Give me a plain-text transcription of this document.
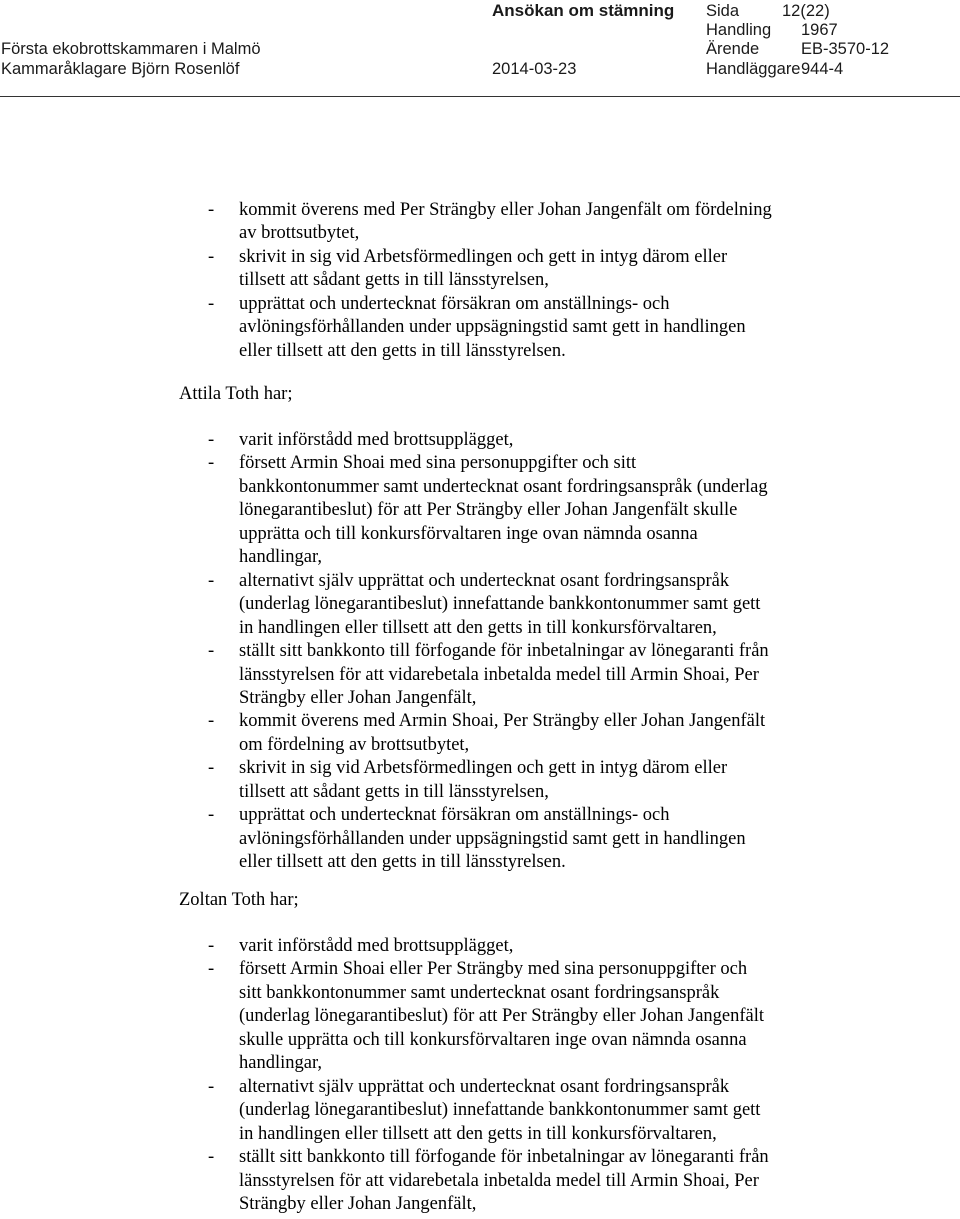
Ansökan om stämning Sida	12(22)
Handling 1967
Första ekobrottskammaren i Malmö	Ärende	EB-3570-12
Kammaråklagare Björn Rosenlöf	2014-03-23	Handläggare 944-4
- kommit överens med Per Strängby eller Johan Jangenfält om fördelning
av brottsutbytet,
- skrivit in sig vid Arbetsförmedlingen och gett in intyg därom eller
tillsett att sådant getts in till länsstyrelsen,
- upprättat och undertecknat försäkran om anställnings- och
avlöningsförhållanden under uppsägningstid samt gett in handlingen
eller tillsett att den getts in till länsstyrelsen.
Attila Toth har;
- varit införstådd med brottsupplägget,
- försett Armin Shoai med sina personuppgifter och sitt
bankkontonummer samt undertecknat osant fordringsanspråk (underlag
lönegarantibeslut) för att Per Strängby eller Johan Jangenfält skulle
upprätta och till konkursförvaltaren inge ovan nämnda osanna
handlingar,
- alternativt själv upprättat och undertecknat osant fordringsanspråk
(underlag lönegarantibeslut) innefattande bankkontonummer samt gett
in handlingen eller tillsett att den getts in till konkursförvaltaren,
- ställt sitt bankkonto till förfogande för inbetalningar av lönegaranti från
länsstyrelsen för att vidarebetala inbetalda medel till Armin Shoai, Per
Strängby eller Johan Jangenfält,
- kommit överens med Armin Shoai, Per Strängby eller Johan Jangenfält
om fördelning av brottsutbytet,
- skrivit in sig vid Arbetsförmedlingen och gett in intyg därom eller
tillsett att sådant getts in till länsstyrelsen,
- upprättat och undertecknat försäkran om anställnings- och
avlöningsförhållanden under uppsägningstid samt gett in handlingen
eller tillsett att den getts in till länsstyrelsen.
Zoltan Toth har;
- varit införstådd med brottsupplägget,
- försett Armin Shoai eller Per Strängby med sina personuppgifter och
sitt bankkontonummer samt undertecknat osant fordringsanspråk
(underlag lönegarantibeslut) för att Per Strängby eller Johan Jangenfält
skulle upprätta och till konkursförvaltaren inge ovan nämnda osanna
handlingar,
- alternativt själv upprättat och undertecknat osant fordringsanspråk
(underlag lönegarantibeslut) innefattande bankkontonummer samt gett
in handlingen eller tillsett att den getts in till konkursförvaltaren,
- ställt sitt bankkonto till förfogande för inbetalningar av lönegaranti från
länsstyrelsen för att vidarebetala inbetalda medel till Armin Shoai, Per
Strängby eller Johan Jangenfält,
